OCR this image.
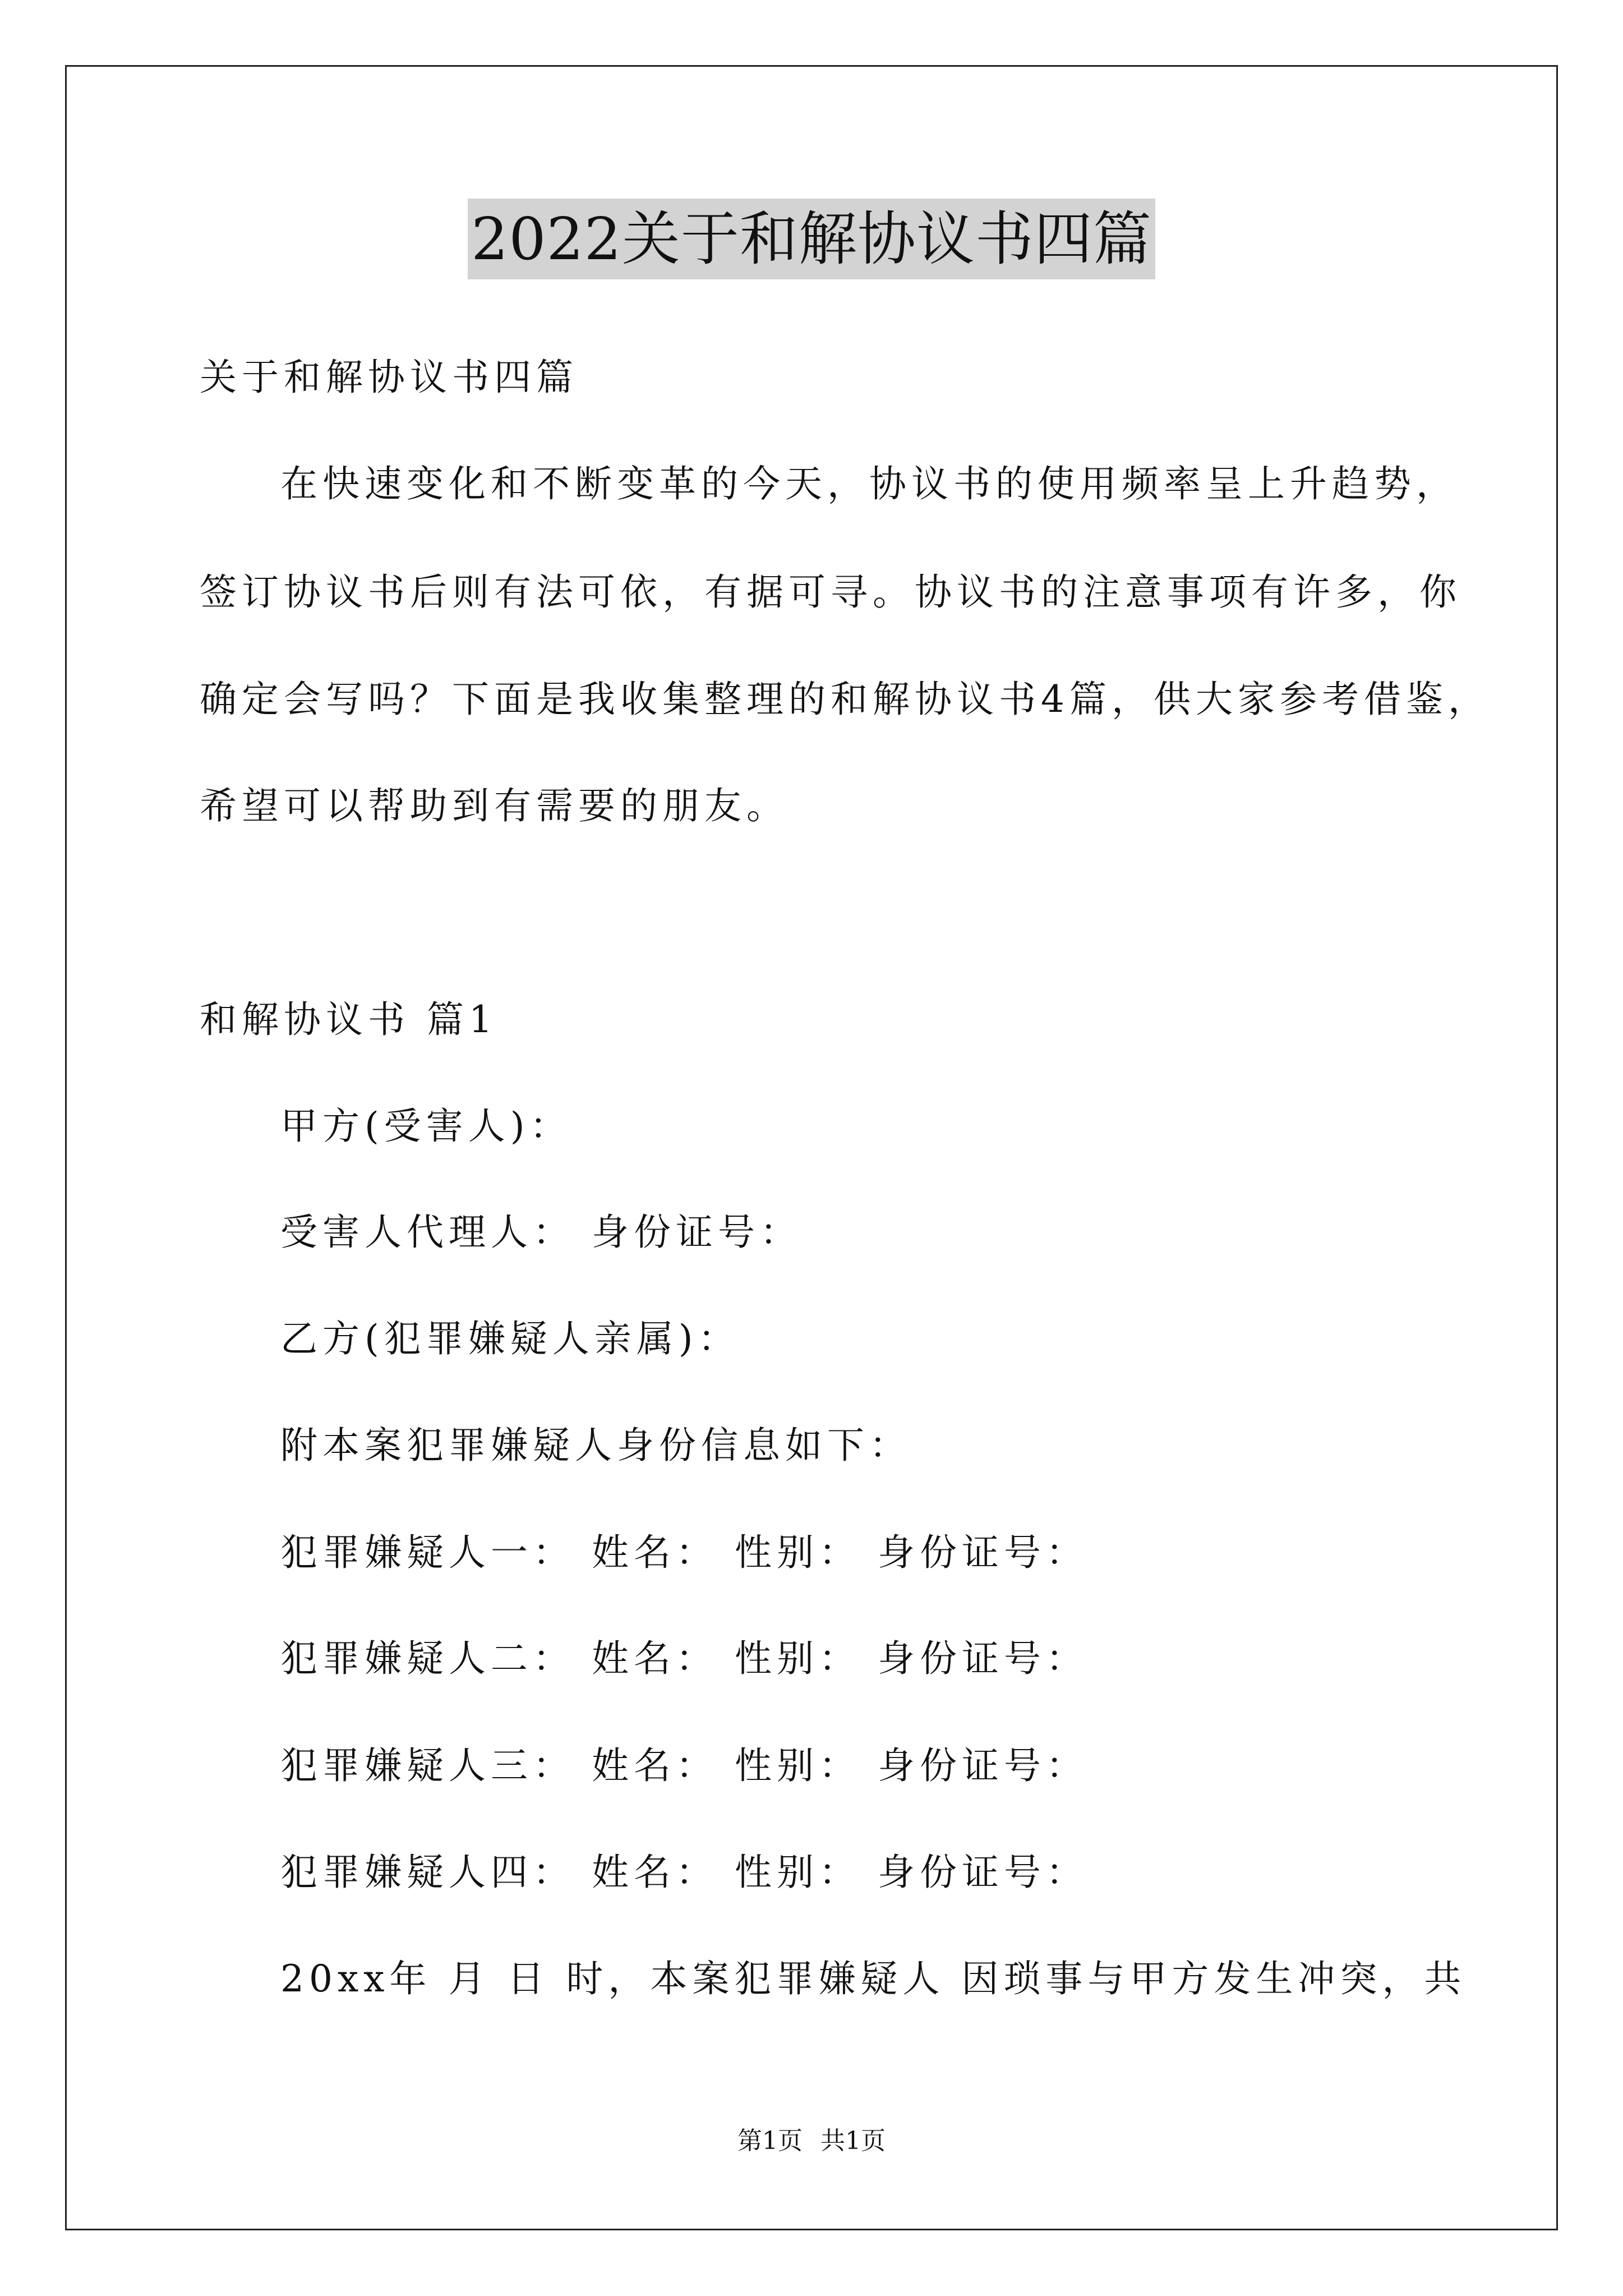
2022关于和解协议书四篇
关于和解协议书四篇
在快速变化和不断变革的今天，协议书的使用频率呈上升趋势，
签订协议书后则有法可依，有据可寻。协议书的注意事项有许多，你
确定会写吗？下面是我收集整理的和解协议书4篇，供大家参考借鉴，
希望可以帮助到有需要的朋友。
和解协议书 篇1
甲方(受害人)：
受害人代理人： 身份证号：
乙方(犯罪嫌疑人亲属)：
附本案犯罪嫌疑人身份信息如下：
犯罪嫌疑人一： 姓名： 性别： 身份证号：
犯罪嫌疑人二： 姓名： 性别： 身份证号：
犯罪嫌疑人三： 姓名： 性别： 身份证号：
犯罪嫌疑人四： 姓名： 性别： 身份证号：
20xx年 月 日 时，本案犯罪嫌疑人 因琐事与甲方发生冲突，共
第1页 共1页
